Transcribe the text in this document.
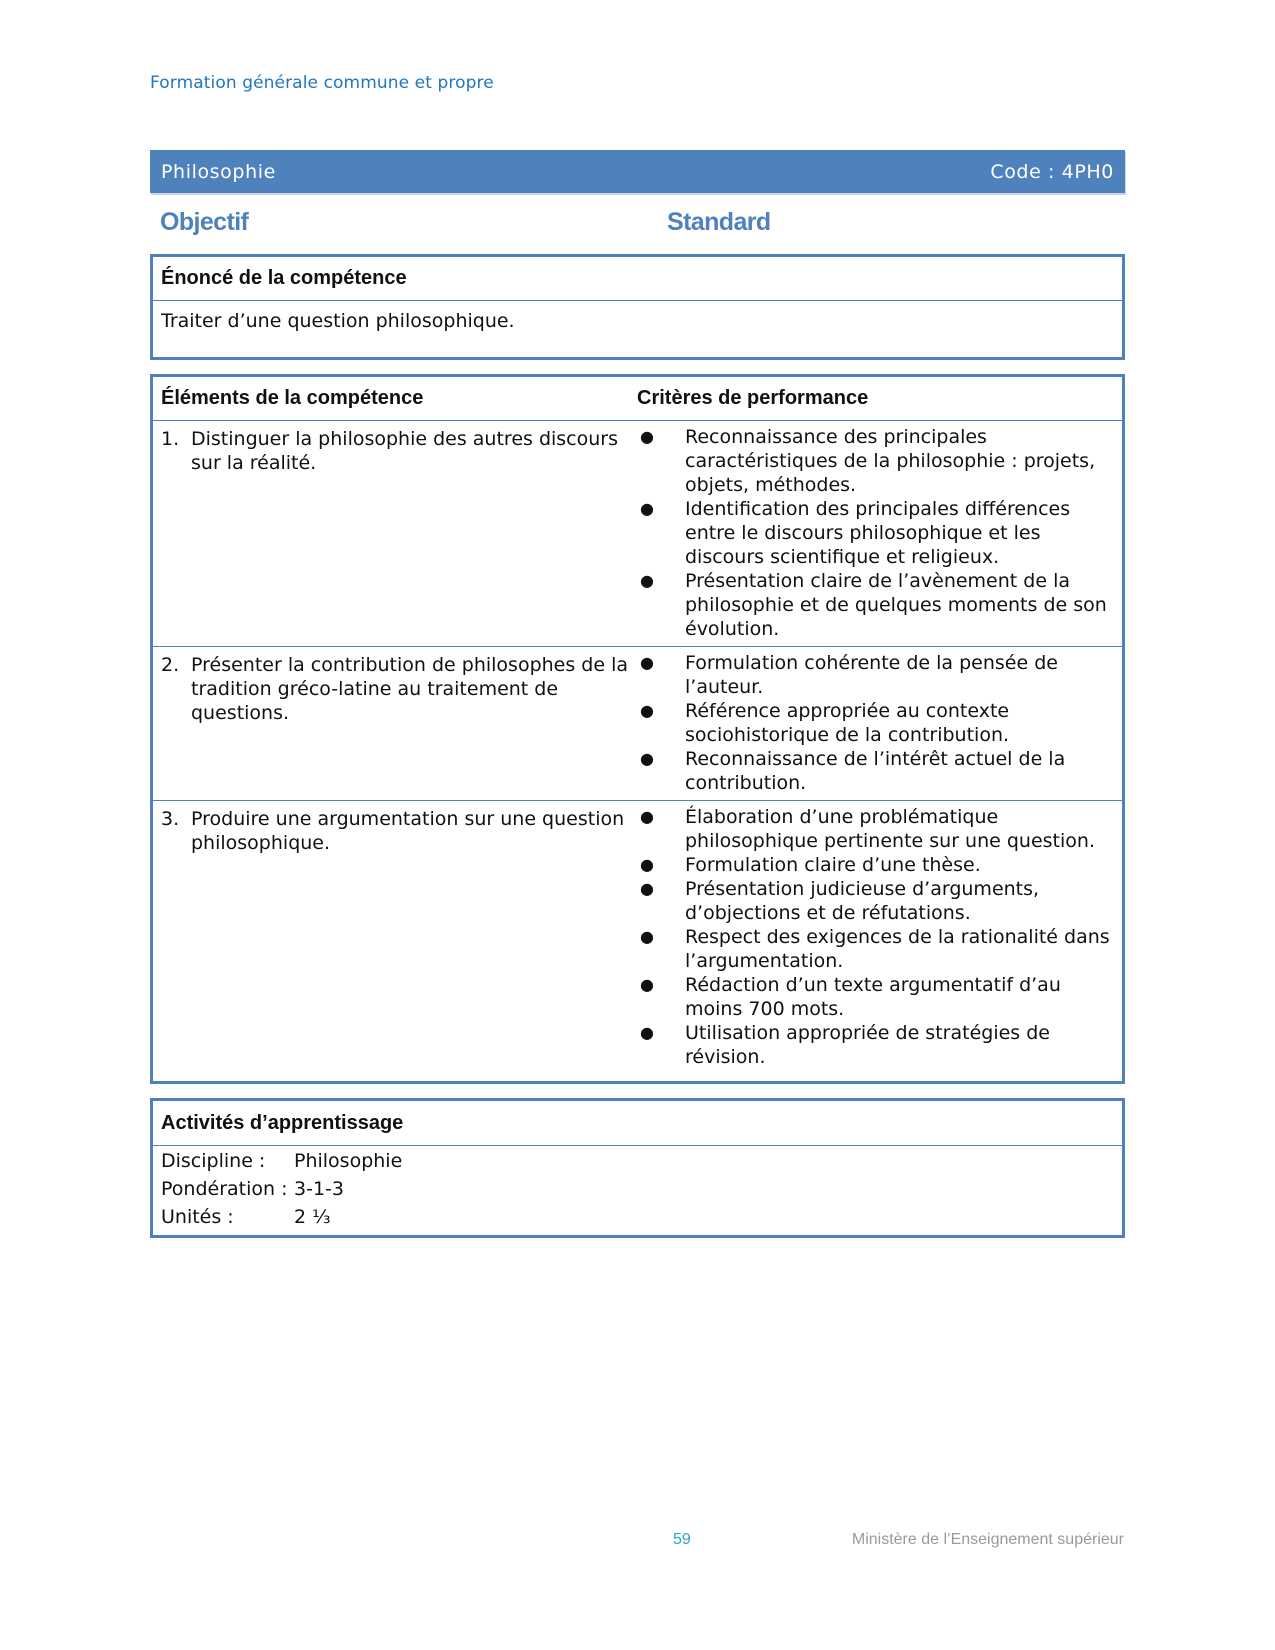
Formation générale commune et propre
Philosophie	Code : 4PH0
Objectif	Standard
Énoncé de la compétence
Traiter d’une question philosophique.
Éléments de la compétence	Critères de performance
1. Distinguer la philosophie des autres discours sur la réalité.
●	Reconnaissance des principales caractéristiques de la philosophie : projets, objets, méthodes.
●	Identification des principales différences entre le discours philosophique et les discours scientifique et religieux.
●	Présentation claire de l’avènement de la philosophie et de quelques moments de son évolution.
2. Présenter la contribution de philosophes de la tradition gréco-latine au traitement de questions.
●	Formulation cohérente de la pensée de l’auteur.
●	Référence appropriée au contexte sociohistorique de la contribution.
●	Reconnaissance de l’intérêt actuel de la contribution.
3. Produire une argumentation sur une question philosophique.
●	Élaboration d’une problématique philosophique pertinente sur une question.
●	Formulation claire d’une thèse.
●	Présentation judicieuse d’arguments, d’objections et de réfutations.
●	Respect des exigences de la rationalité dans l’argumentation.
●	Rédaction d’un texte argumentatif d’au moins 700 mots.
●	Utilisation appropriée de stratégies de révision.
Activités d’apprentissage
Discipline :	Philosophie
Pondération : 3-1-3
Unités :	2 ⅓
59	Ministère de l’Enseignement supérieur
